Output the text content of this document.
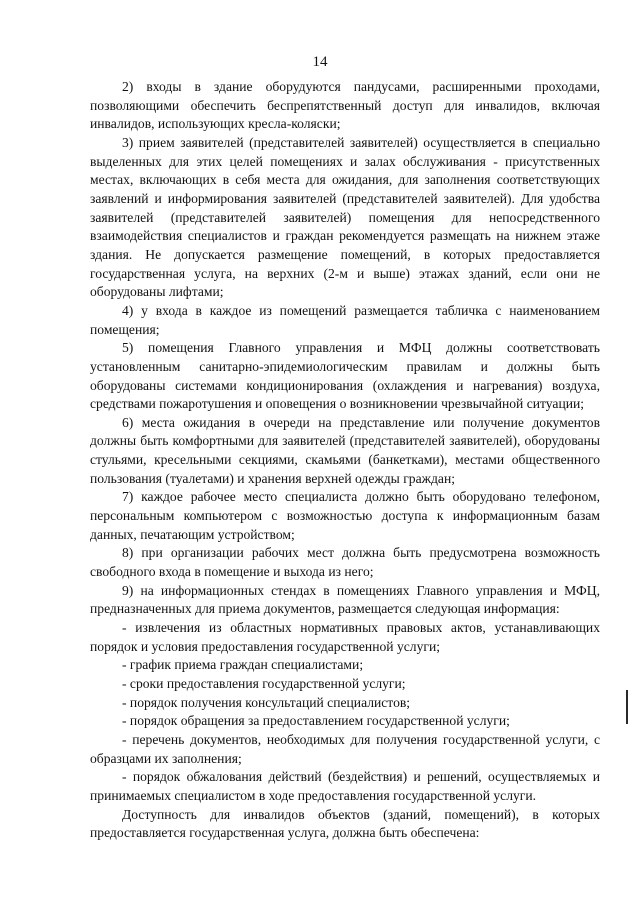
14

2) входы в здание оборудуются пандусами, расширенными проходами, позволяющими обеспечить беспрепятственный доступ для инвалидов, включая инвалидов, использующих кресла-коляски;

3) прием заявителей (представителей заявителей) осуществляется в специально выделенных для этих целей помещениях и залах обслуживания - присутственных местах, включающих в себя места для ожидания, для заполнения соответствующих заявлений и информирования заявителей (представителей заявителей). Для удобства заявителей (представителей заявителей) помещения для непосредственного взаимодействия специалистов и граждан рекомендуется размещать на нижнем этаже здания. Не допускается размещение помещений, в которых предоставляется государственная услуга, на верхних (2-м и выше) этажах зданий, если они не оборудованы лифтами;

4) у входа в каждое из помещений размещается табличка с наименованием помещения;

5) помещения Главного управления и МФЦ должны соответствовать установленным санитарно-эпидемиологическим правилам и должны быть оборудованы системами кондиционирования (охлаждения и нагревания) воздуха, средствами пожаротушения и оповещения о возникновении чрезвычайной ситуации;

6) места ожидания в очереди на представление или получение документов должны быть комфортными для заявителей (представителей заявителей), оборудованы стульями, кресельными секциями, скамьями (банкетками), местами общественного пользования (туалетами) и хранения верхней одежды граждан;

7) каждое рабочее место специалиста должно быть оборудовано телефоном, персональным компьютером с возможностью доступа к информационным базам данных, печатающим устройством;

8) при организации рабочих мест должна быть предусмотрена возможность свободного входа в помещение и выхода из него;

9) на информационных стендах в помещениях Главного управления и МФЦ, предназначенных для приема документов, размещается следующая информация:

- извлечения из областных нормативных правовых актов, устанавливающих порядок и условия предоставления государственной услуги;

- график приема граждан специалистами;

- сроки предоставления государственной услуги;

- порядок получения консультаций специалистов;

- порядок обращения за предоставлением государственной услуги;

- перечень документов, необходимых для получения государственной услуги, с образцами их заполнения;

- порядок обжалования действий (бездействия) и решений, осуществляемых и принимаемых специалистом в ходе предоставления государственной услуги.

Доступность для инвалидов объектов (зданий, помещений), в которых предоставляется государственная услуга, должна быть обеспечена:
